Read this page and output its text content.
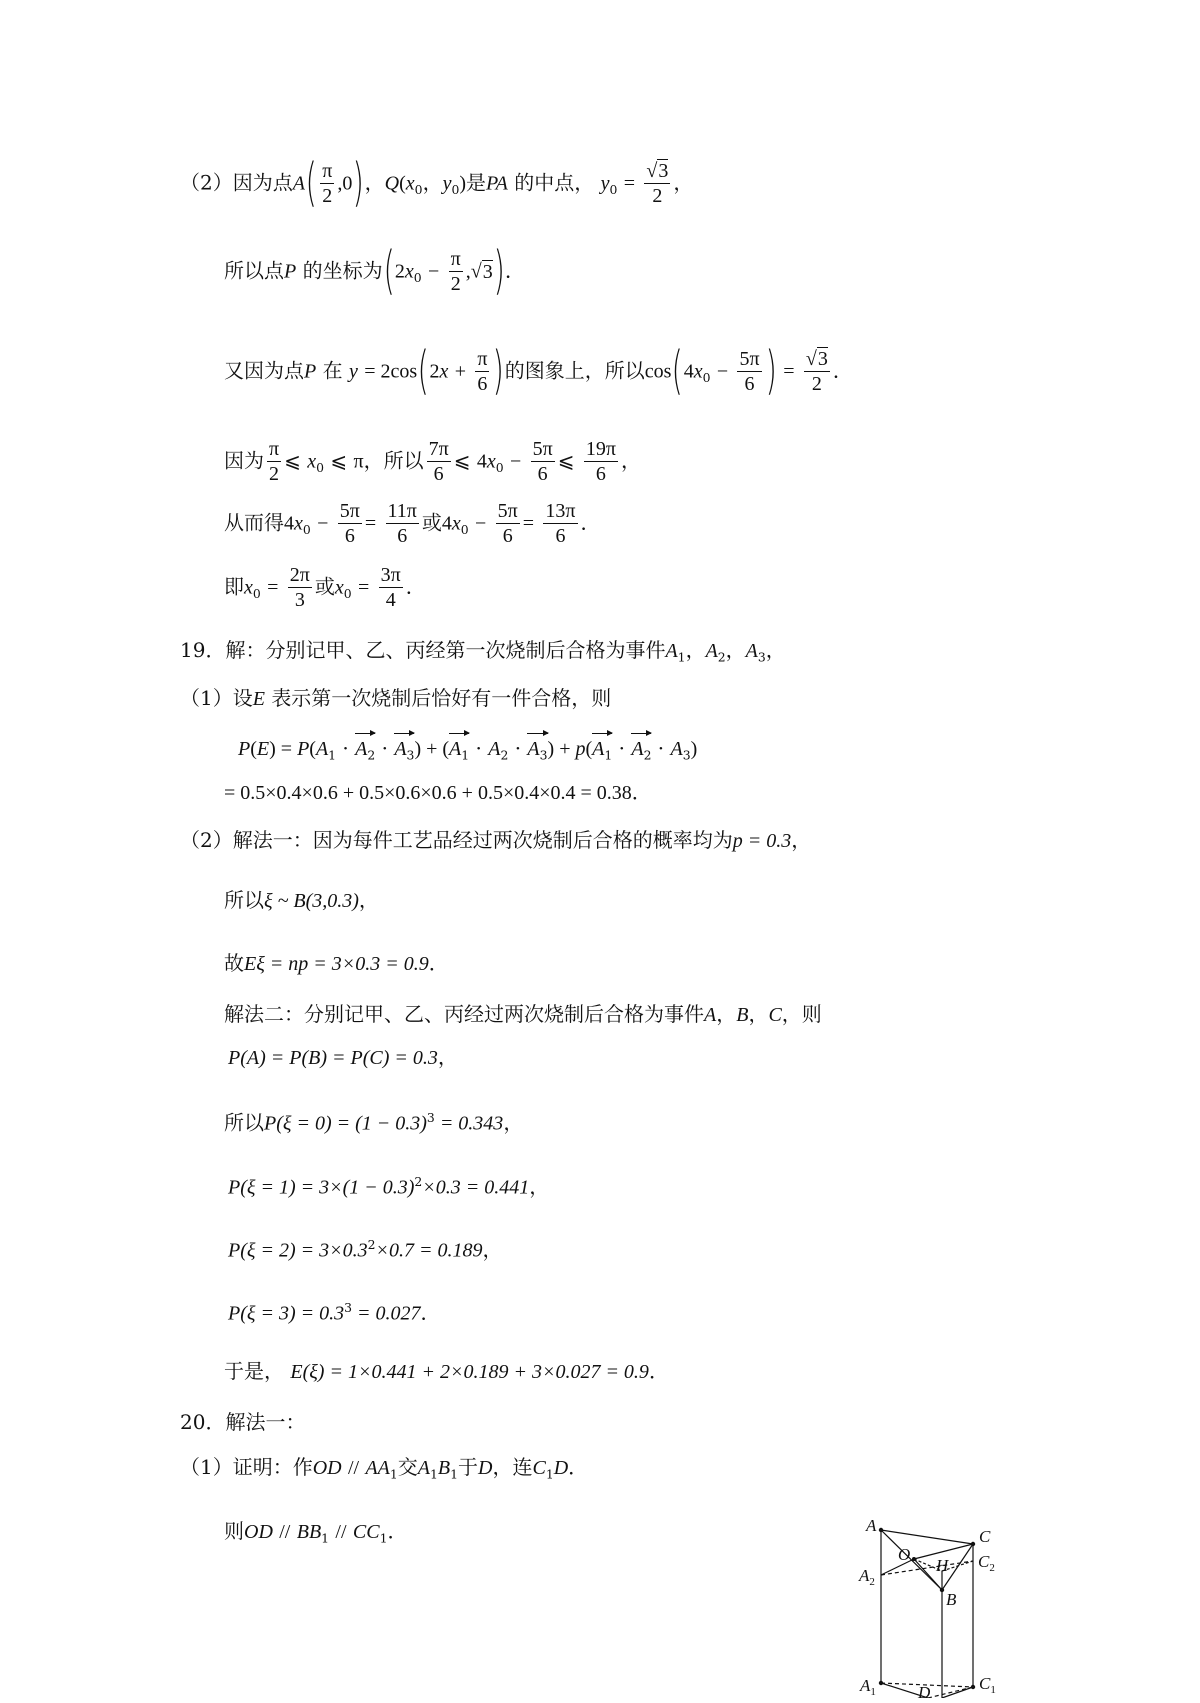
（2）因为点$A( \frac{\pi}{2} ,0)$，$Q(x_0$，$y_0$)是PA 的中点， $y_0 = \frac{√3}{2}$ ，
所以点P 的坐标为$(2x_0 - \frac{\pi}{2} ,√3)$．
又因为点P 在 $y = 2\cos(2x + \frac{\pi}{6}$ )的图象上，所以$\cos(4x_0 - \frac{5\pi}{6}$ ) = $\frac{√3}{2}$ ．
因为 $\frac{\pi}{2}$ ⩽ $x_0$ ⩽ π，所以 $\frac{7\pi}{6}$ ⩽ $4x_0 - \frac{5\pi}{6}$ ⩽ $\frac{19\pi}{6}$ ，
从而得$4x_0 - \frac{5\pi}{6} = \frac{11\pi}{6}$ 或$4x_0 - \frac{5\pi}{6} = \frac{13\pi}{6}$ ．
即$x_0 = \frac{2\pi}{3}$ 或$x_0 = \frac{3\pi}{4}$ ．
19．解：分别记甲、乙、丙经第一次烧制后合格为事件$A_1$，$A_2$，$A_3$，
（1）设E 表示第一次烧制后恰好有一件合格，则
$P(E) = P(A_1 \cdot A_2 \cdot A_3) + (A_1 \cdot A_2 \cdot A_3) + p(A_1 \cdot A_2 \cdot A_3)$
= 0.5×0.4×0.6 + 0.5×0.6×0.6 + 0.5×0.4×0.4 = 0.38．
（2）解法一：因为每件工艺品经过两次烧制后合格的概率均为p = 0.3，
所以ξ ~ B(3,0.3)，
故Eξ = np = 3×0.3 = 0.9．
解法二：分别记甲、乙、丙经过两次烧制后合格为事件A，B，C，则
P(A) = P(B) = P(C) = 0.3，
所以$P(\xi = 0) = (1 - 0.3)^3 = 0.343$，
$P(\xi = 1) = 3\times(1 - 0.3)^2\times 0.3 = 0.441$，
$P(\xi = 2) = 3\times 0.3^2\times 0.7 = 0.189$，
$P(\xi = 3) = 0.3^3 = 0.027$．
于是， E(ξ) = 1×0.441 + 2×0.189 + 3×0.027 = 0.9．
20．解法一：
（1）证明：作OD // $AA_1$交$A_1B_1$于D，连$C_1D$．
则OD // $BB_1 // CC_1$．	A
C
$C_2$
O
H
$A_2$
B
$C_1$
$A_1$ D
